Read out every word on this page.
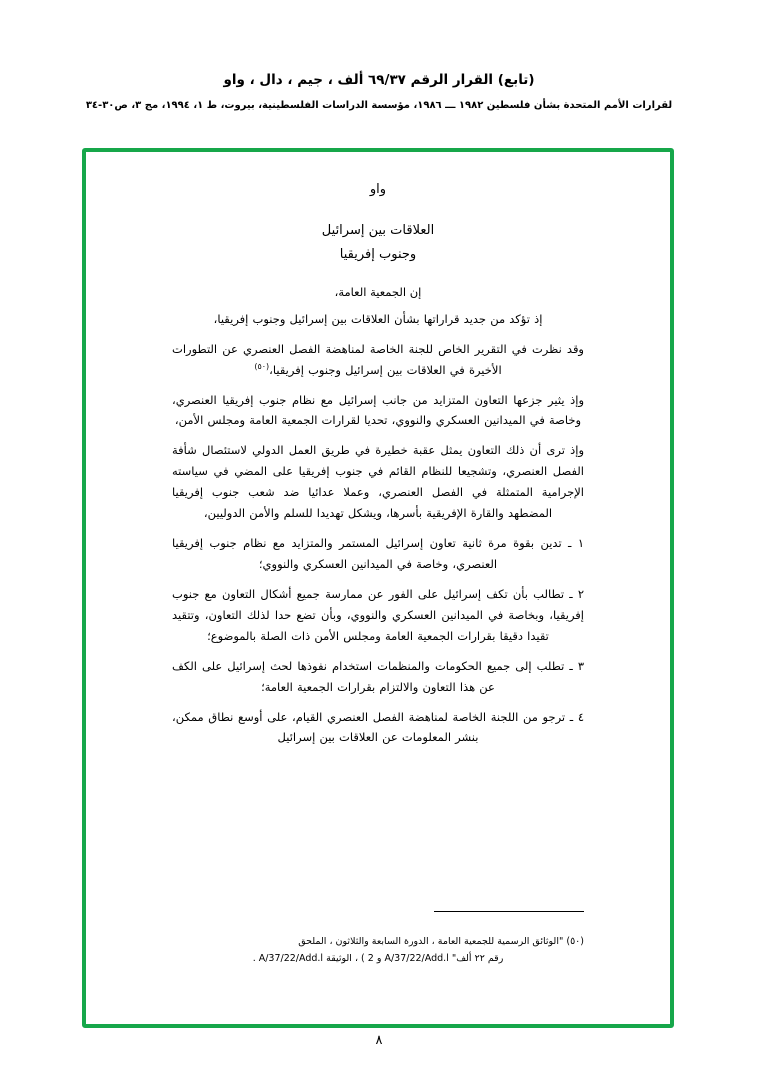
(تابع) القرار الرقم ٦٩/٣٧ ألف ، جيم ، دال ، واو
لقرارات الأمم المتحدة بشأن فلسطين ١٩٨٢ ـــ ١٩٨٦، مؤسسة الدراسات الفلسطينية، بيروت، ط ١، ١٩٩٤، مج ٣، ص٣٠-٣٤
واو
العلاقات بين إسرائيل
وجنوب إفريقيا
إن الجمعية العامة،

إذ تؤكد من جديد قراراتها بشأن العلاقات بين إسرائيل وجنوب إفريقيا،

وقد نظرت في التقرير الخاص للجنة الخاصة لمناهضة الفصل العنصري عن التطورات الأخيرة في العلاقات بين إسرائيل وجنوب إفريقيا،$^{(٥٠)}$

وإذ يثير جزعها التعاون المتزايد من جانب إسرائيل مع نظام جنوب إفريقيا العنصري، وخاصة في الميدانين العسكري والنووي، تحديا لقرارات الجمعية العامة ومجلس الأمن،

وإذ ترى أن ذلك التعاون يمثل عقبة خطيرة في طريق العمل الدولي لاستئصال شأفة الفصل العنصري، وتشجيعا للنظام القائم في جنوب إفريقيا على المضي في سياسته الإجرامية المتمثلة في الفصل العنصري، وعملا عدائيا ضد شعب جنوب إفريقيا المضطهد والقارة الإفريقية بأسرها، ويشكل تهديدا للسلم والأمن الدوليين،

١ ـ تدين بقوة مرة ثانية تعاون إسرائيل المستمر والمتزايد مع نظام جنوب إفريقيا العنصري، وخاصة في الميدانين العسكري والنووي؛

٢ ـ تطالب بأن تكف إسرائيل على الفور عن ممارسة جميع أشكال التعاون مع جنوب إفريقيا، وبخاصة في الميدانين العسكري والنووي، وبأن تضع حدا لذلك التعاون، وتتقيد تقيدا دقيقا بقرارات الجمعية العامة ومجلس الأمن ذات الصلة بالموضوع؛

٣ ـ تطلب إلى جميع الحكومات والمنظمات استخدام نفوذها لحث إسرائيل على الكف عن هذا التعاون والالتزام بقرارات الجمعية العامة؛

٤ ـ ترجو من اللجنة الخاصة لمناهضة الفصل العنصري القيام، على أوسع نطاق ممكن، بنشر المعلومات عن العلاقات بين إسرائيل

(٥٠) "الوثائق الرسمية للجمعية العامة ، الدورة السابعة والثلاثون ، الملحق
رقم ٢٢ ألف" A/37/22/Add.l و 2 ) ، الوثيقة A/37/22/Add.l .
٨
